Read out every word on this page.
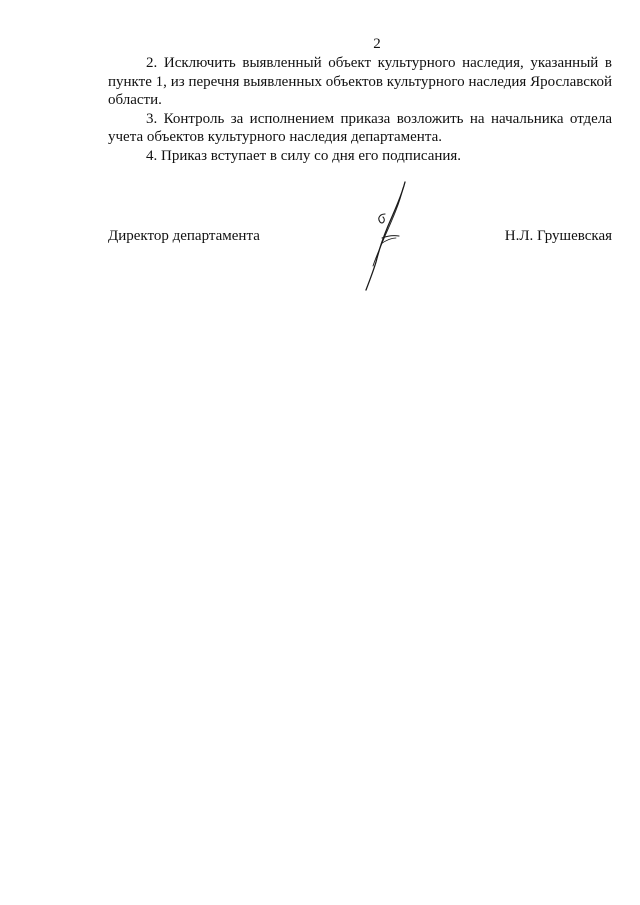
2

2. Исключить выявленный объект культурного наследия, указанный в пункте 1, из перечня выявленных объектов культурного наследия Ярославской области.

3. Контроль за исполнением приказа возложить на начальника отдела учета объектов культурного наследия департамента.

4. Приказ вступает в силу со дня его подписания.

Директор департамента	Н.Л. Грушевская
